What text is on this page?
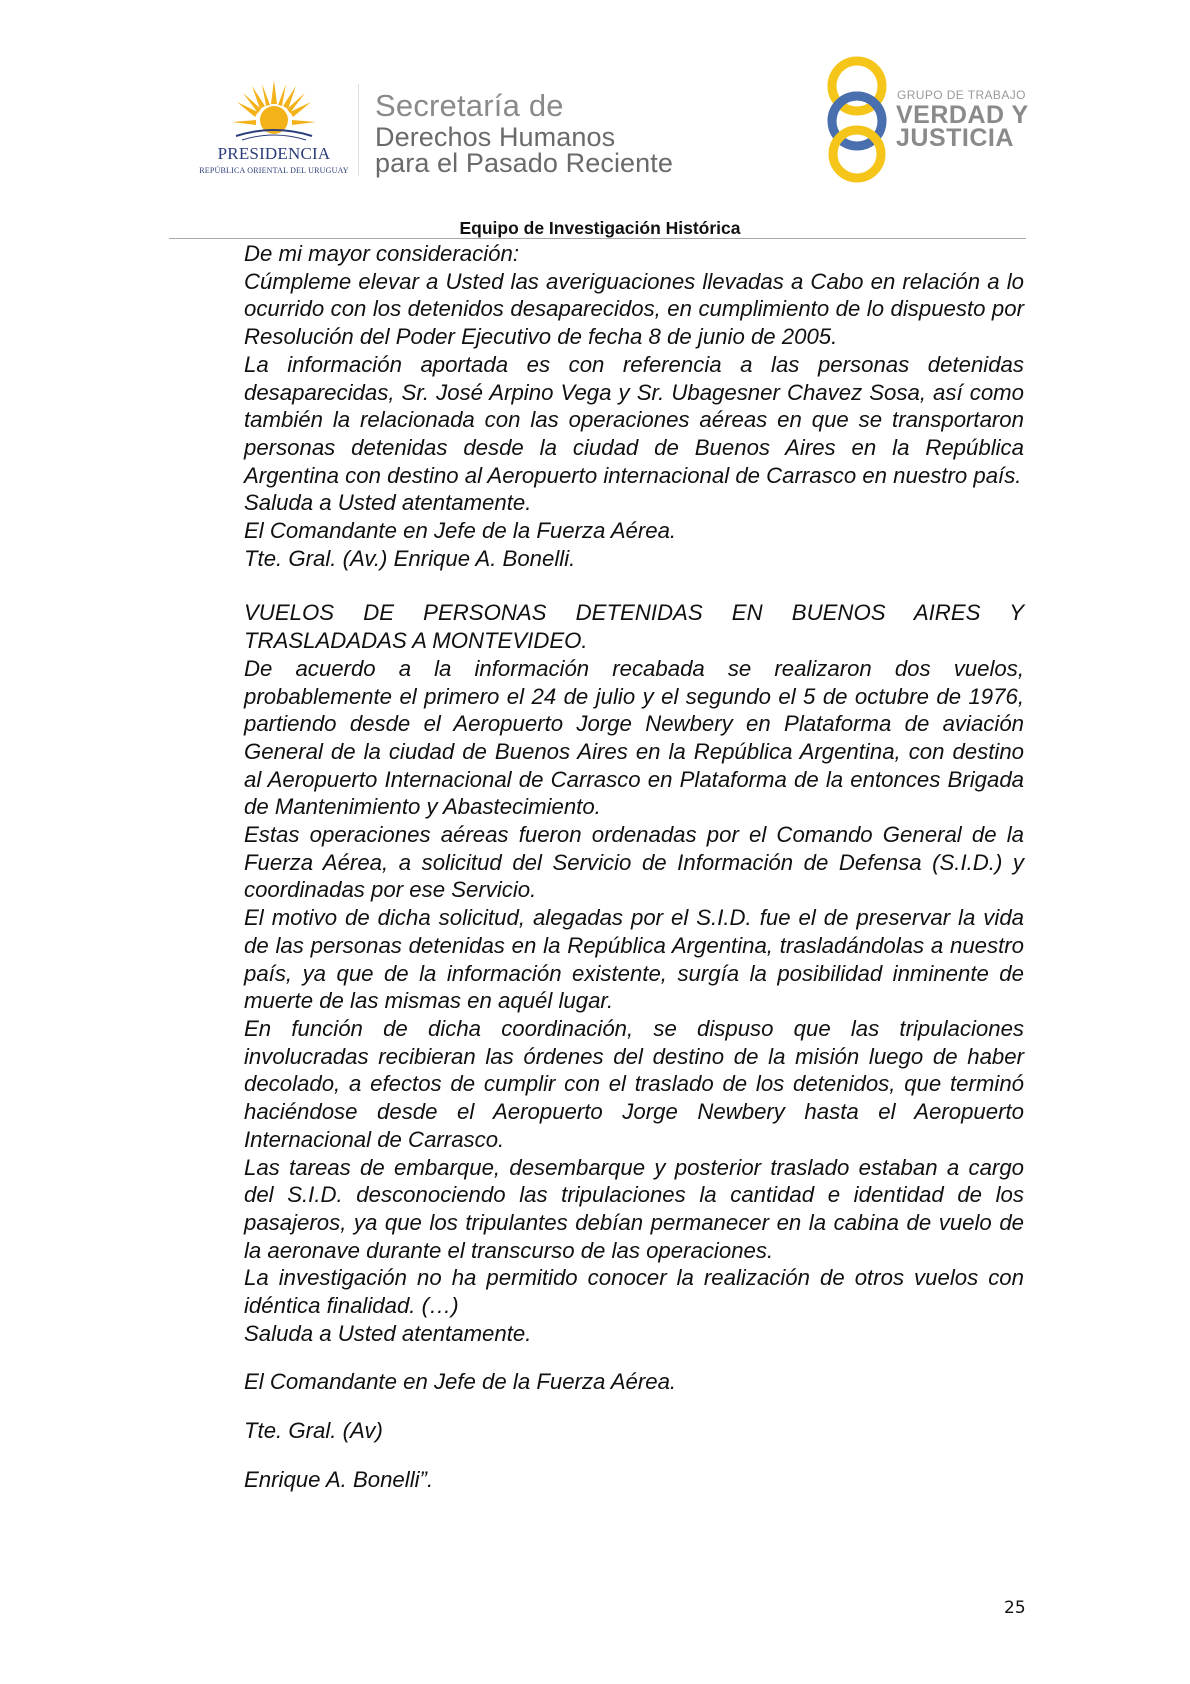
PRESIDENCIA
REPÚBLICA ORIENTAL DEL URUGUAY
Secretaría de
Derechos Humanos
para el Pasado Reciente
GRUPO DE TRABAJO
VERDAD Y
JUSTICIA
Equipo de Investigación Histórica

De mi mayor consideración:

Cúmpleme elevar a Usted las averiguaciones llevadas a Cabo en relación a lo ocurrido con los detenidos desaparecidos, en cumplimiento de lo dispuesto por Resolución del Poder Ejecutivo de fecha 8 de junio de 2005.

La información aportada es con referencia a las personas detenidas desaparecidas, Sr. José Arpino Vega y Sr. Ubagesner Chavez Sosa, así como también la relacionada con las operaciones aéreas en que se transportaron personas detenidas desde la ciudad de Buenos Aires en la República Argentina con destino al Aeropuerto internacional de Carrasco en nuestro país.

Saluda a Usted atentamente.

El Comandante en Jefe de la Fuerza Aérea.

Tte. Gral. (Av.) Enrique A. Bonelli.

VUELOS DE PERSONAS DETENIDAS EN BUENOS AIRES Y TRASLADADAS A MONTEVIDEO.

De acuerdo a la información recabada se realizaron dos vuelos, probablemente el primero el 24 de julio y el segundo el 5 de octubre de 1976, partiendo desde el Aeropuerto Jorge Newbery en Plataforma de aviación General de la ciudad de Buenos Aires en la República Argentina, con destino al Aeropuerto Internacional de Carrasco en Plataforma de la entonces Brigada de Mantenimiento y Abastecimiento.

Estas operaciones aéreas fueron ordenadas por el Comando General de la Fuerza Aérea, a solicitud del Servicio de Información de Defensa (S.I.D.) y coordinadas por ese Servicio.

El motivo de dicha solicitud, alegadas por el S.I.D. fue el de preservar la vida de las personas detenidas en la República Argentina, trasladándolas a nuestro país, ya que de la información existente, surgía la posibilidad inminente de muerte de las mismas en aquél lugar.

En función de dicha coordinación, se dispuso que las tripulaciones involucradas recibieran las órdenes del destino de la misión luego de haber decolado, a efectos de cumplir con el traslado de los detenidos, que terminó haciéndose desde el Aeropuerto Jorge Newbery hasta el Aeropuerto Internacional de Carrasco.

Las tareas de embarque, desembarque y posterior traslado estaban a cargo del S.I.D. desconociendo las tripulaciones la cantidad e identidad de los pasajeros, ya que los tripulantes debían permanecer en la cabina de vuelo de la aeronave durante el transcurso de las operaciones.

La investigación no ha permitido conocer la realización de otros vuelos con idéntica finalidad. (…)

Saluda a Usted atentamente.

El Comandante en Jefe de la Fuerza Aérea.

Tte. Gral. (Av)

Enrique A. Bonelli”.

25
